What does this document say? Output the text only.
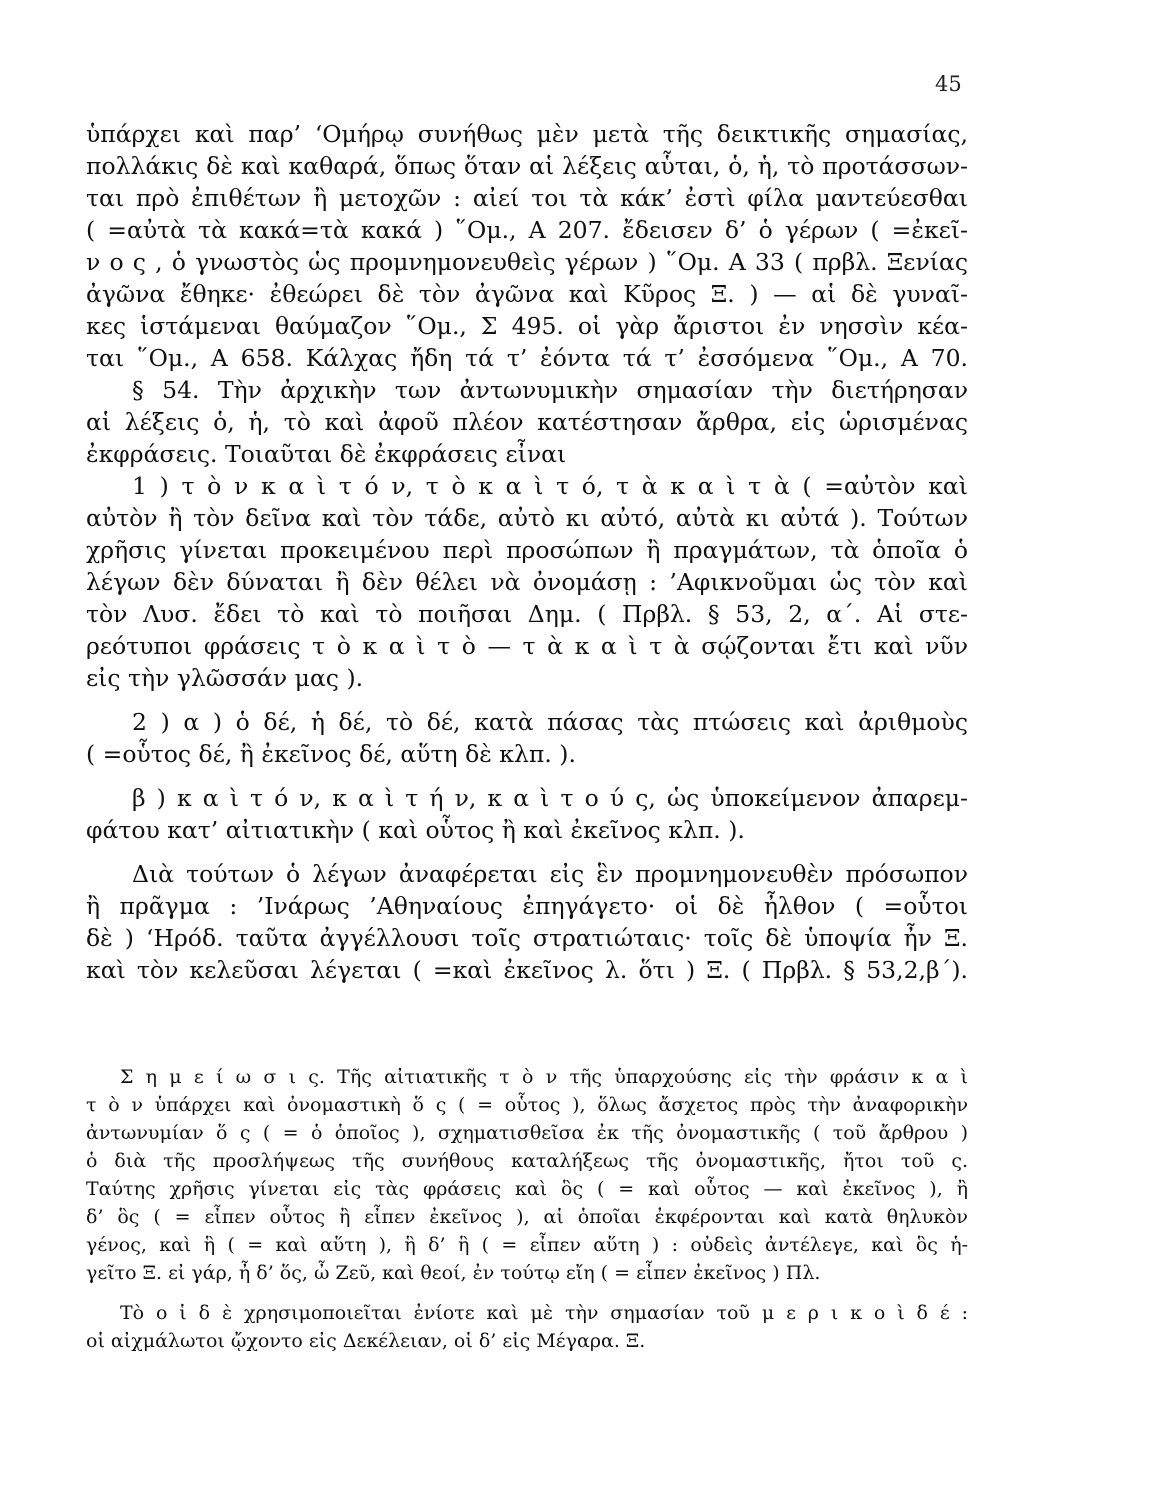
45
ὑπάρχει καὶ παρ’ ‘Ομήρῳ συνήθως μὲν μετὰ τῆς δεικτικῆς σημασίας,
πολλάκις δὲ καὶ καθαρά, ὅπως ὅταν αἱ λέξεις αὗται, ὁ, ἡ, τὸ προτάσσων-
ται πρὸ ἐπιθέτων ἢ μετοχῶν : αἰεί τοι τὰ κάκ’ ἐστὶ φίλα μαντεύεσθαι
( =αὐτὰ τὰ κακά=τὰ κακά ) ῞Ομ., Α 207. ἔδεισεν δ’ ὁ γέρων ( =ἐκεῖ-
ν ο ς , ὁ γνωστὸς ὡς προμνημονευθεὶς γέρων ) ῞Ομ. Α 33 ( πρβλ. Ξενίας
ἀγῶνα ἔθηκε· ἐθεώρει δὲ τὸν ἀγῶνα καὶ Κῦρος Ξ. ) — αἱ δὲ γυναῖ-
κες ἱστάμεναι θαύμαζον ῞Ομ., Σ 495. οἱ γὰρ ἄριστοι ἐν νησσὶν κέα-
ται ῞Ομ., Α 658. Κάλχας ἤδη τά τ’ ἐόντα τά τ’ ἐσσόμενα ῞Ομ., Α 70.
§ 54. Τὴν ἀρχικὴν των ἀντωνυμικὴν σημασίαν τὴν διετήρησαν
αἱ λέξεις ὁ, ἡ, τὸ καὶ ἀφοῦ πλέον κατέστησαν ἄρθρα, εἰς ὡρισμένας
ἐκφράσεις. Τοιαῦται δὲ ἐκφράσεις εἶναι
1 ) τ ὸ ν κ α ὶ τ ό ν, τ ὸ κ α ὶ τ ό, τ ὰ κ α ὶ τ ὰ ( =αὐτὸν καὶ
αὐτὸν ἢ τὸν δεῖνα καὶ τὸν τάδε, αὐτὸ κι αὐτό, αὐτὰ κι αὐτά ). Τούτων
χρῆσις γίνεται προκειμένου περὶ προσώπων ἢ πραγμάτων, τὰ ὁποῖα ὁ
λέγων δὲν δύναται ἢ δὲν θέλει νὰ ὀνομάσῃ : ’Αφικνοῦμαι ὡς τὸν καὶ
τὸν Λυσ. ἔδει τὸ καὶ τὸ ποιῆσαι Δημ. ( Πρβλ. § 53, 2, α΄. Αἱ στε-
ρεότυποι φράσεις τ ὸ κ α ὶ τ ὸ — τ ὰ κ α ὶ τ ὰ σῴζονται ἔτι καὶ νῦν
εἰς τὴν γλῶσσάν μας ).
2 ) α ) ὁ δέ, ἡ δέ, τὸ δέ, κατὰ πάσας τὰς πτώσεις καὶ ἀριθμοὺς
( =οὗτος δέ, ἢ ἐκεῖνος δέ, αὕτη δὲ κλπ. ).
β ) κ α ὶ τ ό ν, κ α ὶ τ ή ν, κ α ὶ τ ο ύ ς, ὡς ὑποκείμενον ἀπαρεμ-
φάτου κατ’ αἰτιατικὴν ( καὶ οὗτος ἢ καὶ ἐκεῖνος κλπ. ).
Διὰ τούτων ὁ λέγων ἀναφέρεται εἰς ἓν προμνημονευθὲν πρόσωπον
ἢ πρᾶγμα : ’Ινάρως ’Αθηναίους ἐπηγάγετο· οἱ δὲ ἦλθον ( =οὗτοι
δὲ ) ‘Ηρόδ. ταῦτα ἀγγέλλουσι τοῖς στρατιώταις· τοῖς δὲ ὑποψία ἦν Ξ.
καὶ τὸν κελεῦσαι λέγεται ( =καὶ ἐκεῖνος λ. ὅτι ) Ξ. ( Πρβλ. § 53,2,β΄).
Σ η μ ε ί ω σ ι ς. Τῆς αἰτιατικῆς τ ὸ ν τῆς ὑπαρχούσης εἰς τὴν φράσιν κ α ὶ
τ ὸ ν ὑπάρχει καὶ ὀνομαστικὴ ὅ ς ( = οὗτος ), ὅλως ἄσχετος πρὸς τὴν ἀναφορικὴν
ἀντωνυμίαν ὅ ς ( = ὁ ὁποῖος ), σχηματισθεῖσα ἐκ τῆς ὀνομαστικῆς ( τοῦ ἄρθρου )
ὁ διὰ τῆς προσλήψεως τῆς συνήθους καταλήξεως τῆς ὀνομαστικῆς, ἤτοι τοῦ ς.
Ταύτης χρῆσις γίνεται εἰς τὰς φράσεις καὶ ὃς ( = καὶ οὗτος — καὶ ἐκεῖνος ), ἢ
δ’ ὃς ( = εἶπεν οὗτος ἢ εἶπεν ἐκεῖνος ), αἱ ὁποῖαι ἐκφέρονται καὶ κατὰ θηλυκὸν
γένος, καὶ ἣ ( = καὶ αὕτη ), ἣ δ’ ἣ ( = εἶπεν αὕτη ) : οὐδεὶς ἀντέλεγε, καὶ ὃς ἡ-
γεῖτο Ξ. εἰ γάρ, ἦ δ’ ὅς, ὦ Ζεῦ, καὶ θεοί, ἐν τούτῳ εἴη ( = εἶπεν ἐκεῖνος ) Πλ.
Τὸ ο ἱ δ ὲ χρησιμοποιεῖται ἐνίοτε καὶ μὲ τὴν σημασίαν τοῦ μ ε ρ ι κ ο ὶ δ έ :
οἱ αἰχμάλωτοι ᾤχοντο εἰς Δεκέλειαν, οἱ δ’ εἰς Μέγαρα. Ξ.
